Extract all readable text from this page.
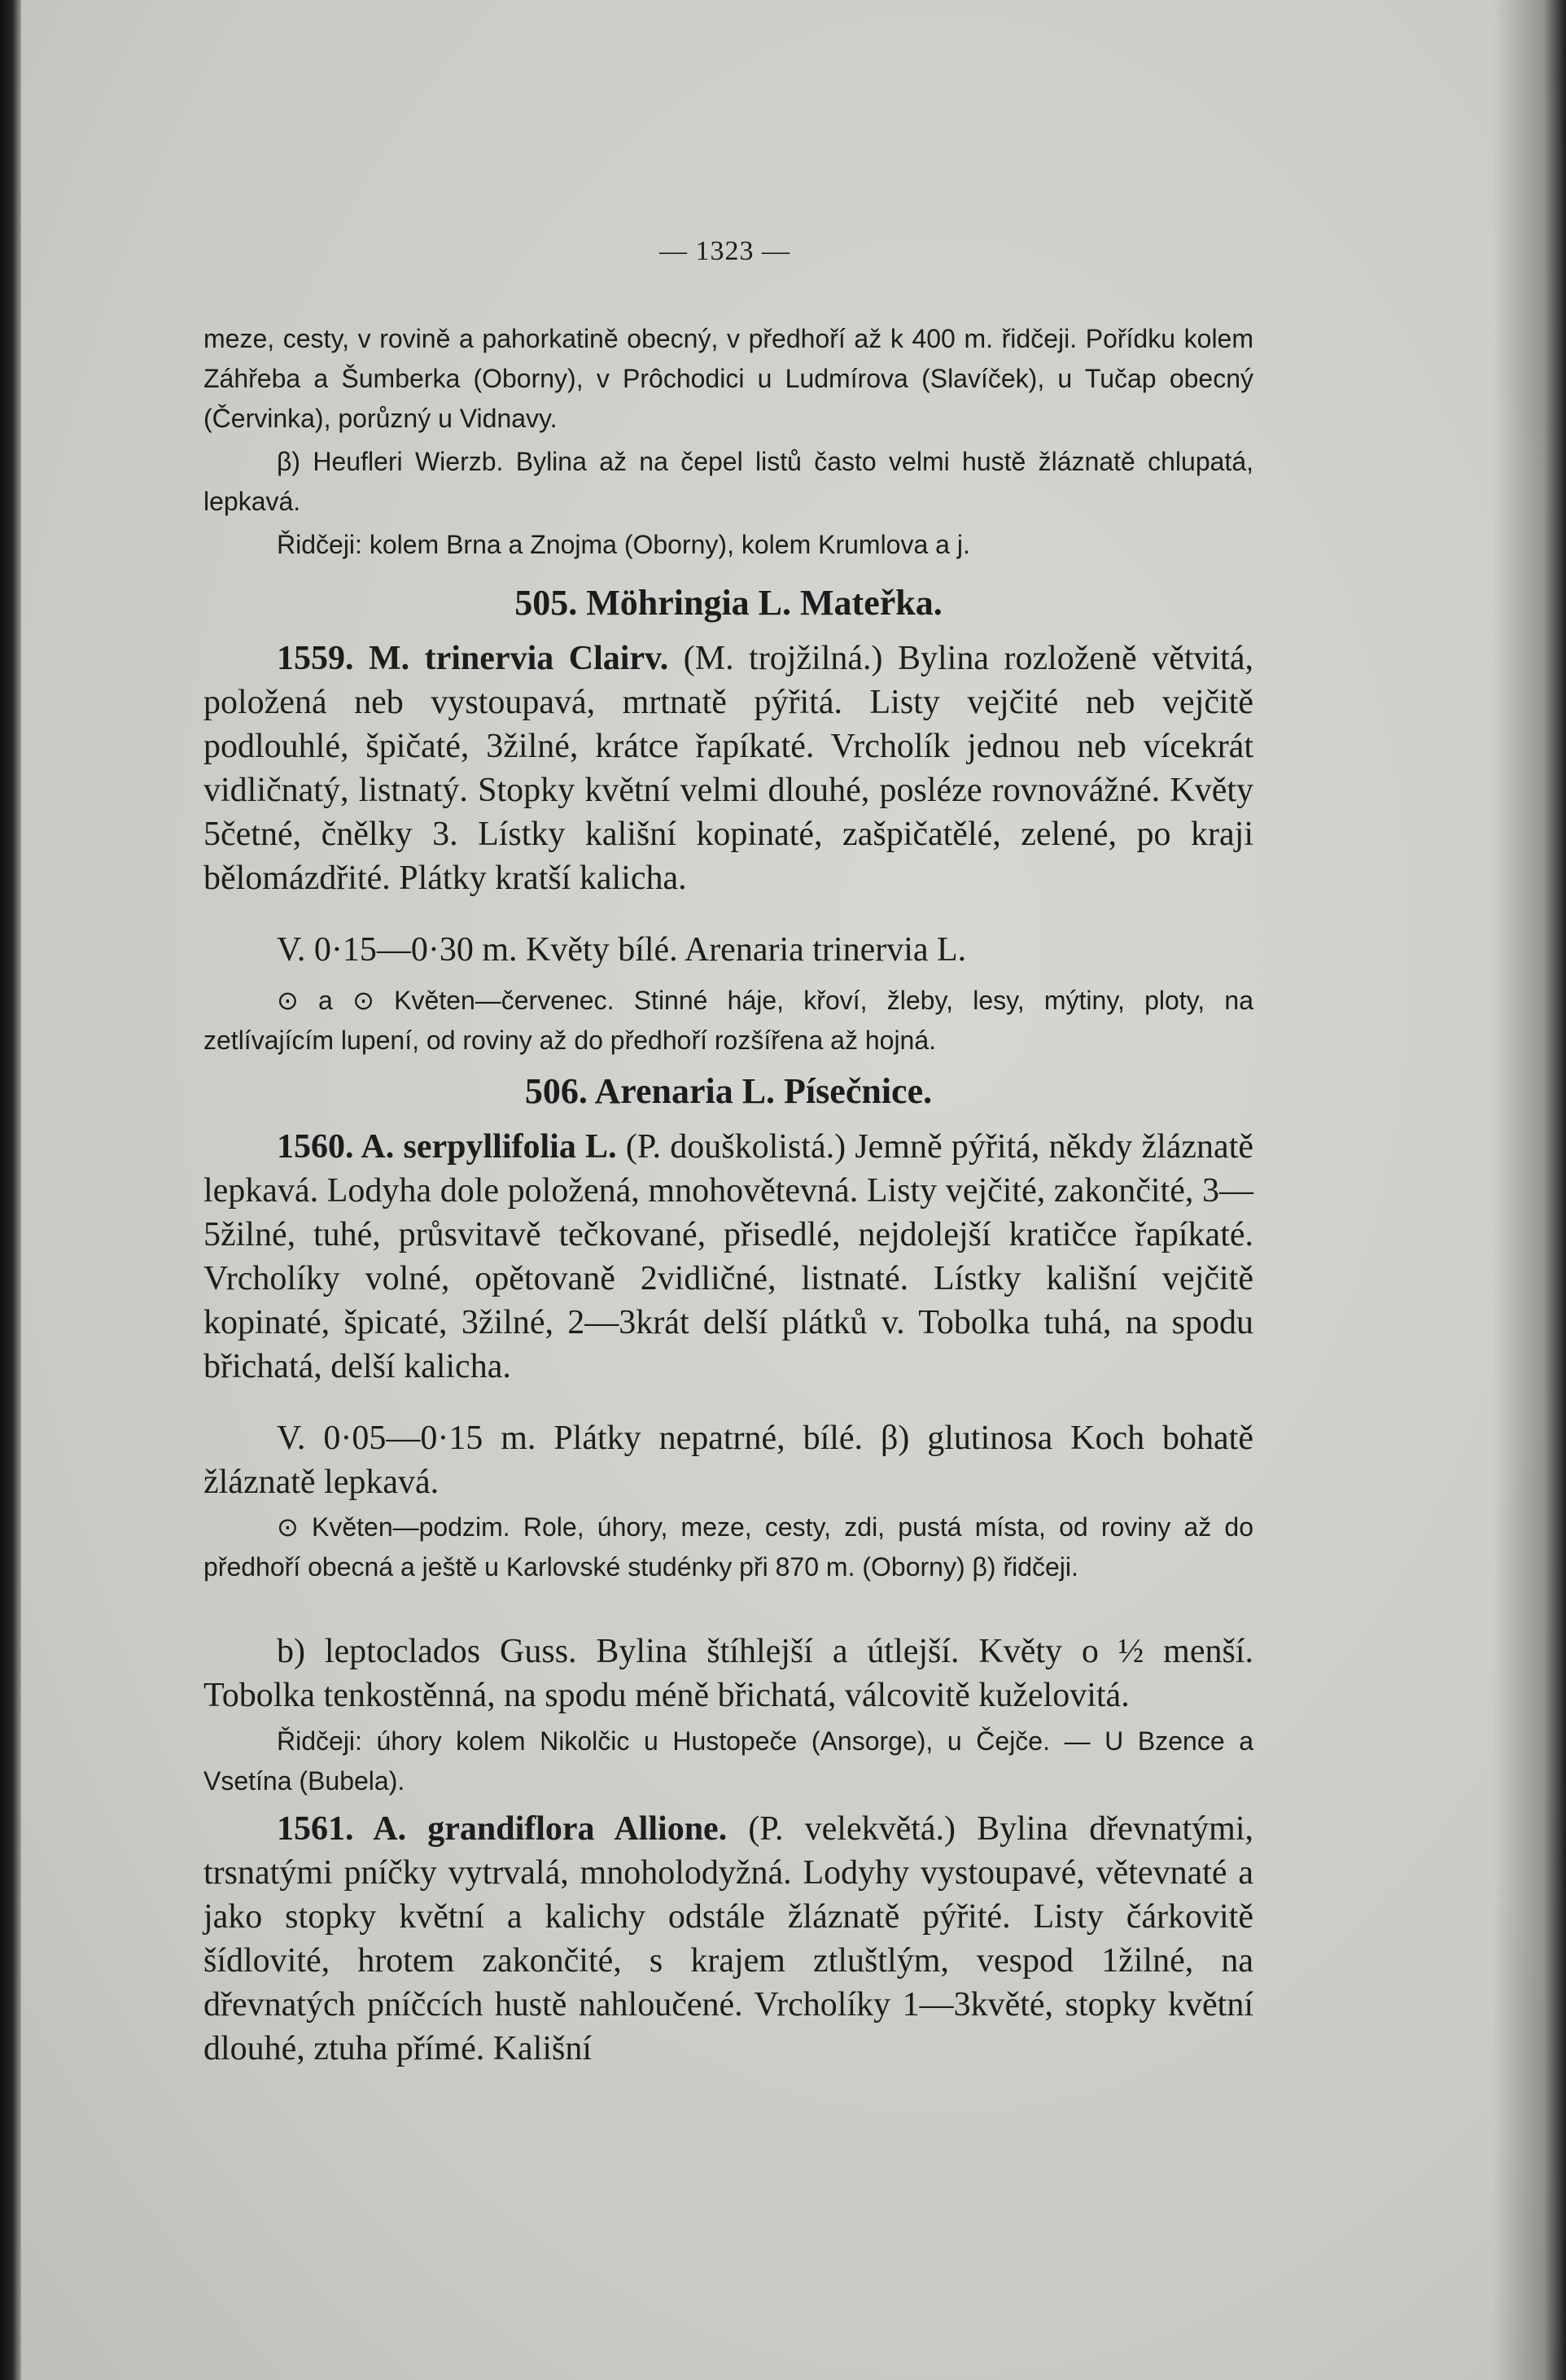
— 1323 —

meze, cesty, v rovině a pahorkatině obecný, v předhoří až k 400 m. řidčeji. Pořídku kolem Záhřeba a Šumberka (Oborny), v Prôchodici u Ludmírova (Slavíček), u Tučap obecný (Červinka), porůzný u Vidnavy.

β) Heufleri Wierzb. Bylina až na čepel listů často velmi hustě žláznatě chlupatá, lepkavá.

Řidčeji: kolem Brna a Znojma (Oborny), kolem Krumlova a j.

505. Möhringia L. Mateřka.

1559. M. trinervia Clairv. (M. trojžilná.) Bylina rozloženě větvitá, položená neb vystoupavá, mrtnatě pýřitá. Listy vejčité neb vejčitě podlouhlé, špičaté, 3žilné, krátce řapíkaté. Vrcholík jednou neb vícekrát vidličnatý, listnatý. Stopky květní velmi dlouhé, posléze rovnovážné. Květy 5četné, čnělky 3. Lístky kališní kopinaté, zašpičatělé, zelené, po kraji bělomázdřité. Plátky kratší kalicha.

V. 0·15—0·30 m. Květy bílé. Arenaria trinervia L.

⊙ a ⊙ Květen—červenec. Stinné háje, křoví, žleby, lesy, mýtiny, ploty, na zetlívajícím lupení, od roviny až do předhoří rozšířena až hojná.

506. Arenaria L. Písečnice.

1560. A. serpyllifolia L. (P. douškolistá.) Jemně pýřitá, někdy žláznatě lepkavá. Lodyha dole položená, mnohovětevná. Listy vejčité, zakončité, 3—5žilné, tuhé, průsvitavě tečkované, přisedlé, nejdolejší kratičce řapíkaté. Vrcholíky volné, opětovaně 2vidličné, listnaté. Lístky kališní vejčitě kopinaté, špicaté, 3žilné, 2—3krát delší plátků v. Tobolka tuhá, na spodu břichatá, delší kalicha.

V. 0·05—0·15 m. Plátky nepatrné, bílé. β) glutinosa Koch bohatě žláznatě lepkavá.

⊙ Květen—podzim. Role, úhory, meze, cesty, zdi, pustá místa, od roviny až do předhoří obecná a ještě u Karlovské studénky při 870 m. (Oborny) β) řidčeji.

b) leptoclados Guss. Bylina štíhlejší a útlejší. Květy o ½ menší. Tobolka tenkostěnná, na spodu méně břichatá, válcovitě kuželovitá.

Řidčeji: úhory kolem Nikolčic u Hustopeče (Ansorge), u Čejče. — U Bzence a Vsetína (Bubela).

1561. A. grandiflora Allione. (P. velekvětá.) Bylina dřevnatými, trsnatými pníčky vytrvalá, mnoholodyžná. Lodyhy vystoupavé, větevnaté a jako stopky květní a kalichy odstále žláznatě pýřité. Listy čárkovitě šídlovité, hrotem zakončité, s krajem ztluštlým, vespod 1žilné, na dřevnatých pníčcích hustě nahloučené. Vrcholíky 1—3květé, stopky květní dlouhé, ztuha přímé. Kališní
